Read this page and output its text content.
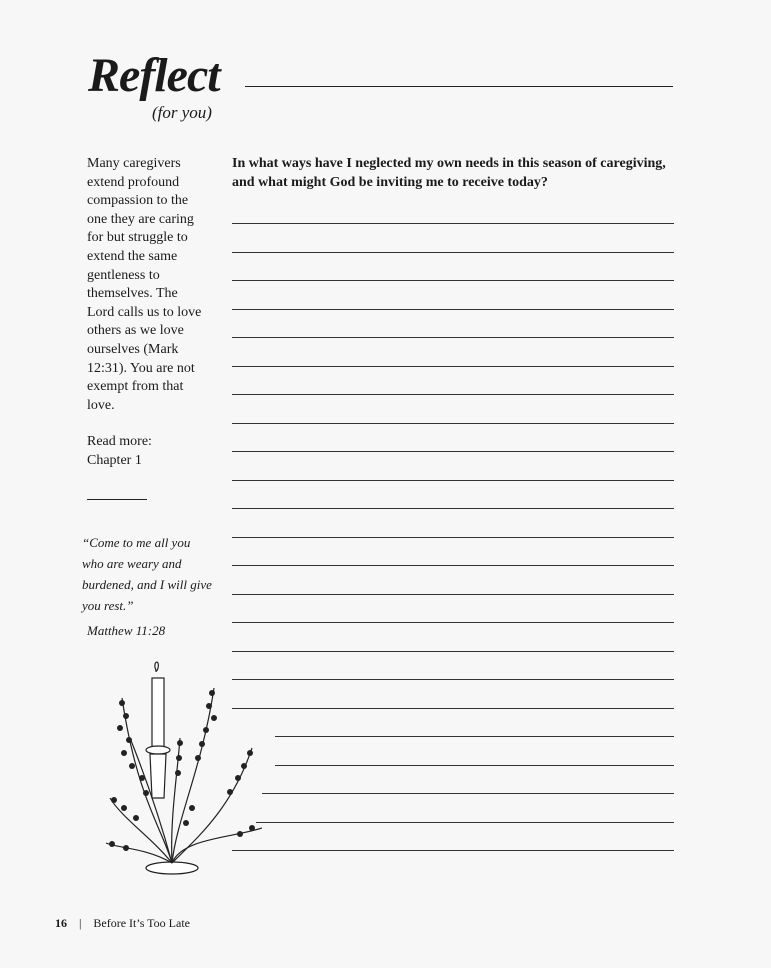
Reflect
(for you)
Many caregivers extend profound compassion to the one they are caring for but struggle to extend the same gentleness to themselves. The Lord calls us to love others as we love ourselves (Mark 12:31). You are not exempt from that love.
Read more:
Chapter 1
“Come to me all you who are weary and burdened, and I will give you rest.”
Matthew 11:28
In what ways have I neglected my own needs in this season of caregiving, and what might God be inviting me to receive today?
16 | Before It’s Too Late
